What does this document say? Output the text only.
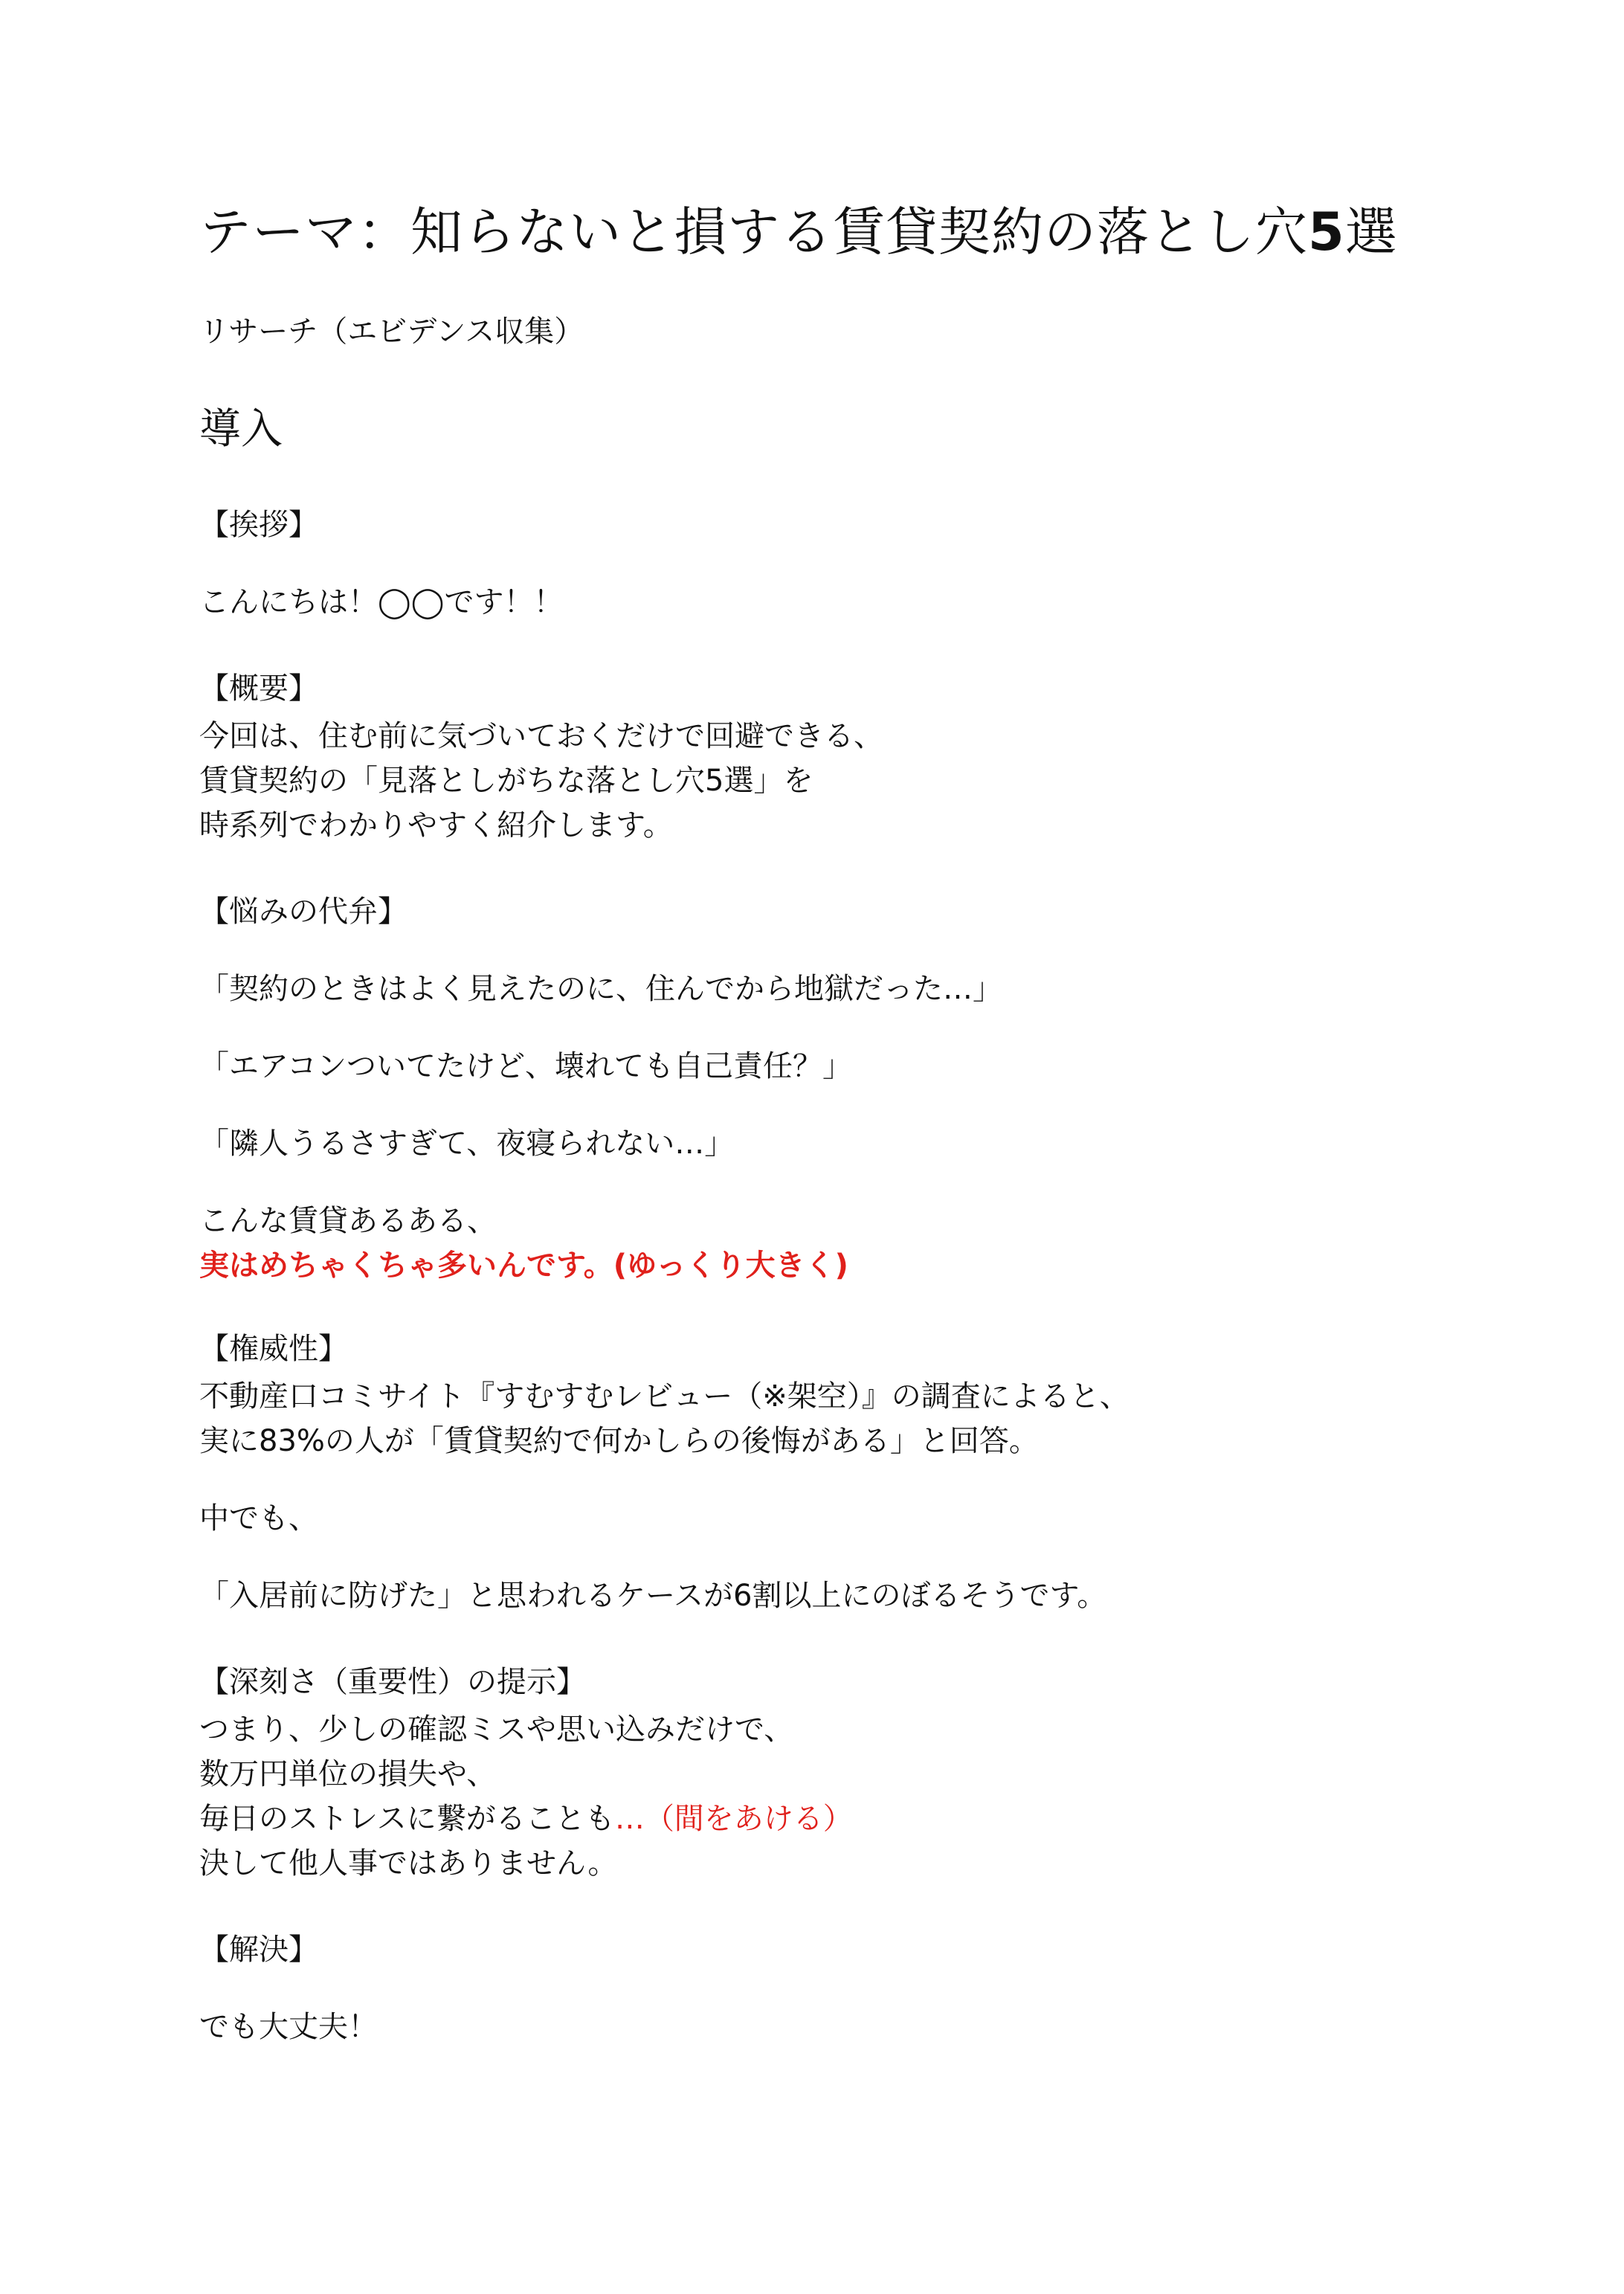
テーマ：知らないと損する賃貸契約の落とし穴5選

リサーチ（エビデンス収集）

導入

【挨拶】

こんにちは！◯◯です！！

【概要】

今回は、住む前に気づいておくだけで回避できる、

賃貸契約の「見落としがちな落とし穴5選」を

時系列でわかりやすく紹介します。

【悩みの代弁】

「契約のときはよく見えたのに、住んでから地獄だった…」

「エアコンついてたけど、壊れても自己責任？」

「隣人うるさすぎて、夜寝られない…」

こんな賃貸あるある、

実はめちゃくちゃ多いんです。(ゆっくり大きく)

【権威性】

不動産口コミサイト『すむすむレビュー（※架空）』の調査によると、

実に83%の人が「賃貸契約で何かしらの後悔がある」と回答。

中でも、

「入居前に防げた」と思われるケースが6割以上にのぼるそうです。

【深刻さ（重要性）の提示】

つまり、少しの確認ミスや思い込みだけで、

数万円単位の損失や、

毎日のストレスに繋がることも…（間をあける）

決して他人事ではありません。

【解決】

でも大丈夫！
